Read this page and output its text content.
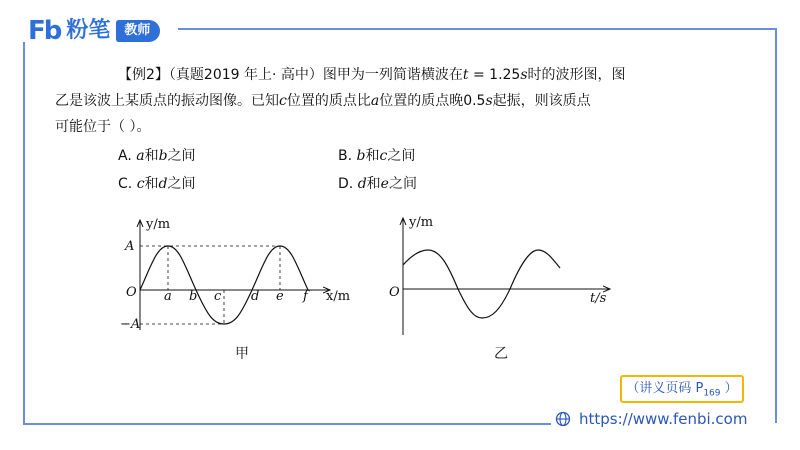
Fb 粉笔	教师
【例2】（真题2019 年上· 高中）图甲为一列简谐横波在t = 1.25s时的波形图，图
乙是该波上某质点的振动图像。已知c位置的质点比a位置的质点晚0.5s起振，则该质点
可能位于（ ）。
A. a和b之间	B. b和c之间
C. c和d之间	D. d和e之间
y/m
x/m
A
−A
O a b c d e f
甲
y/m
t/s
O
乙
（讲义页码 $P_{169}$ ）
https://www.fenbi.com
